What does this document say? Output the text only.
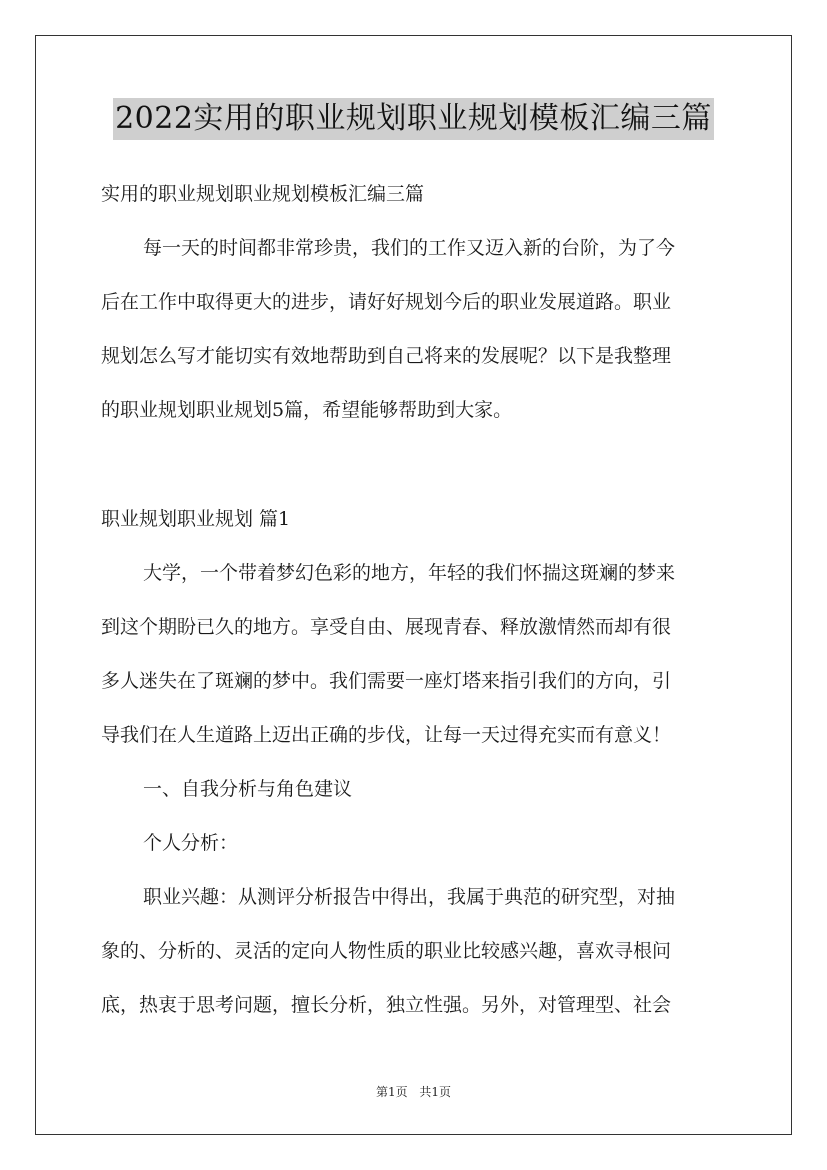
2022实用的职业规划职业规划模板汇编三篇
实用的职业规划职业规划模板汇编三篇
每一天的时间都非常珍贵，我们的工作又迈入新的台阶，为了今
后在工作中取得更大的进步，请好好规划今后的职业发展道路。职业
规划怎么写才能切实有效地帮助到自己将来的发展呢？以下是我整理
的职业规划职业规划5篇，希望能够帮助到大家。
职业规划职业规划 篇1
大学，一个带着梦幻色彩的地方，年轻的我们怀揣这斑斓的梦来
到这个期盼已久的地方。享受自由、展现青春、释放激情然而却有很
多人迷失在了斑斓的梦中。我们需要一座灯塔来指引我们的方向，引
导我们在人生道路上迈出正确的步伐，让每一天过得充实而有意义！
一、自我分析与角色建议
个人分析：
职业兴趣：从测评分析报告中得出，我属于典范的研究型，对抽
象的、分析的、灵活的定向人物性质的职业比较感兴趣，喜欢寻根问
底，热衷于思考问题，擅长分析，独立性强。另外，对管理型、社会
第1页 共1页
